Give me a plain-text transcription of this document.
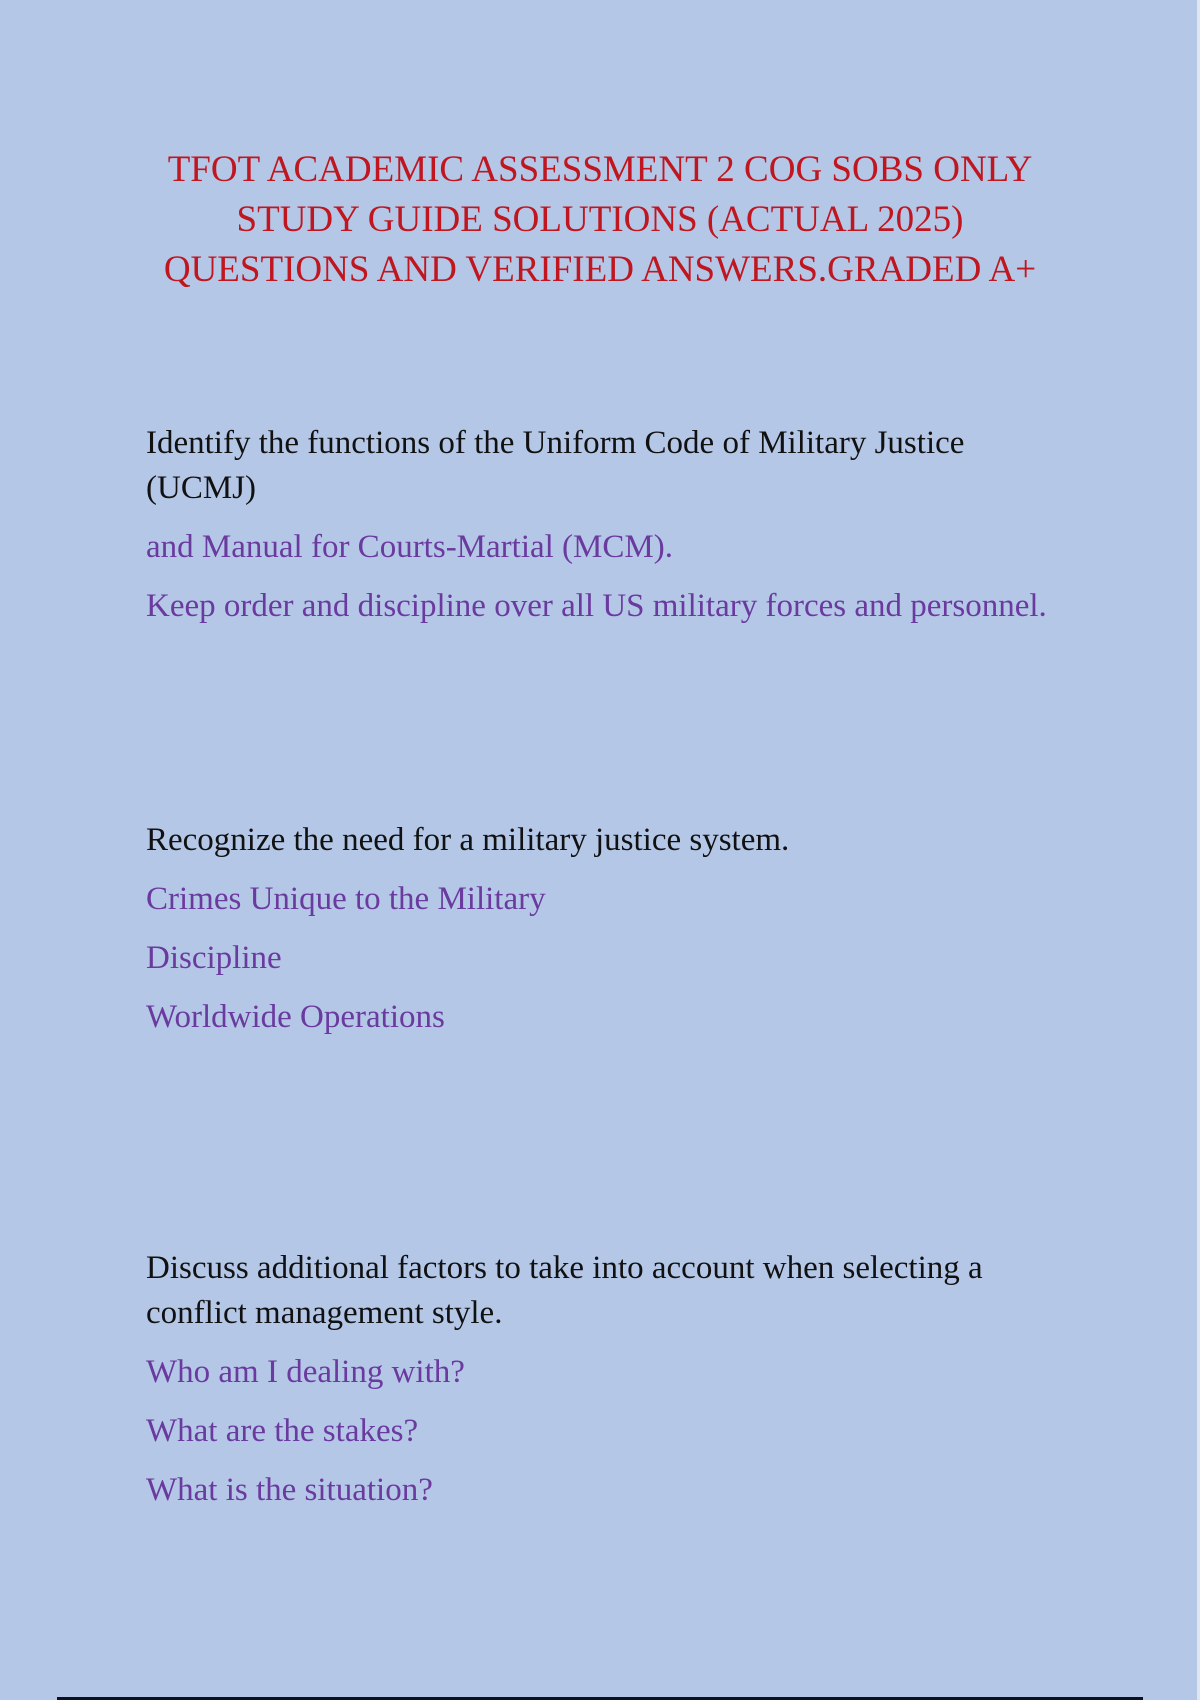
TFOT ACADEMIC ASSESSMENT 2 COG SOBS ONLY STUDY GUIDE SOLUTIONS (ACTUAL 2025) QUESTIONS AND VERIFIED ANSWERS.GRADED A+

Identify the functions of the Uniform Code of Military Justice (UCMJ)

and Manual for Courts-Martial (MCM).

Keep order and discipline over all US military forces and personnel.

Recognize the need for a military justice system.

Crimes Unique to the Military

Discipline

Worldwide Operations

Discuss additional factors to take into account when selecting a conflict management style.

Who am I dealing with?

What are the stakes?

What is the situation?
